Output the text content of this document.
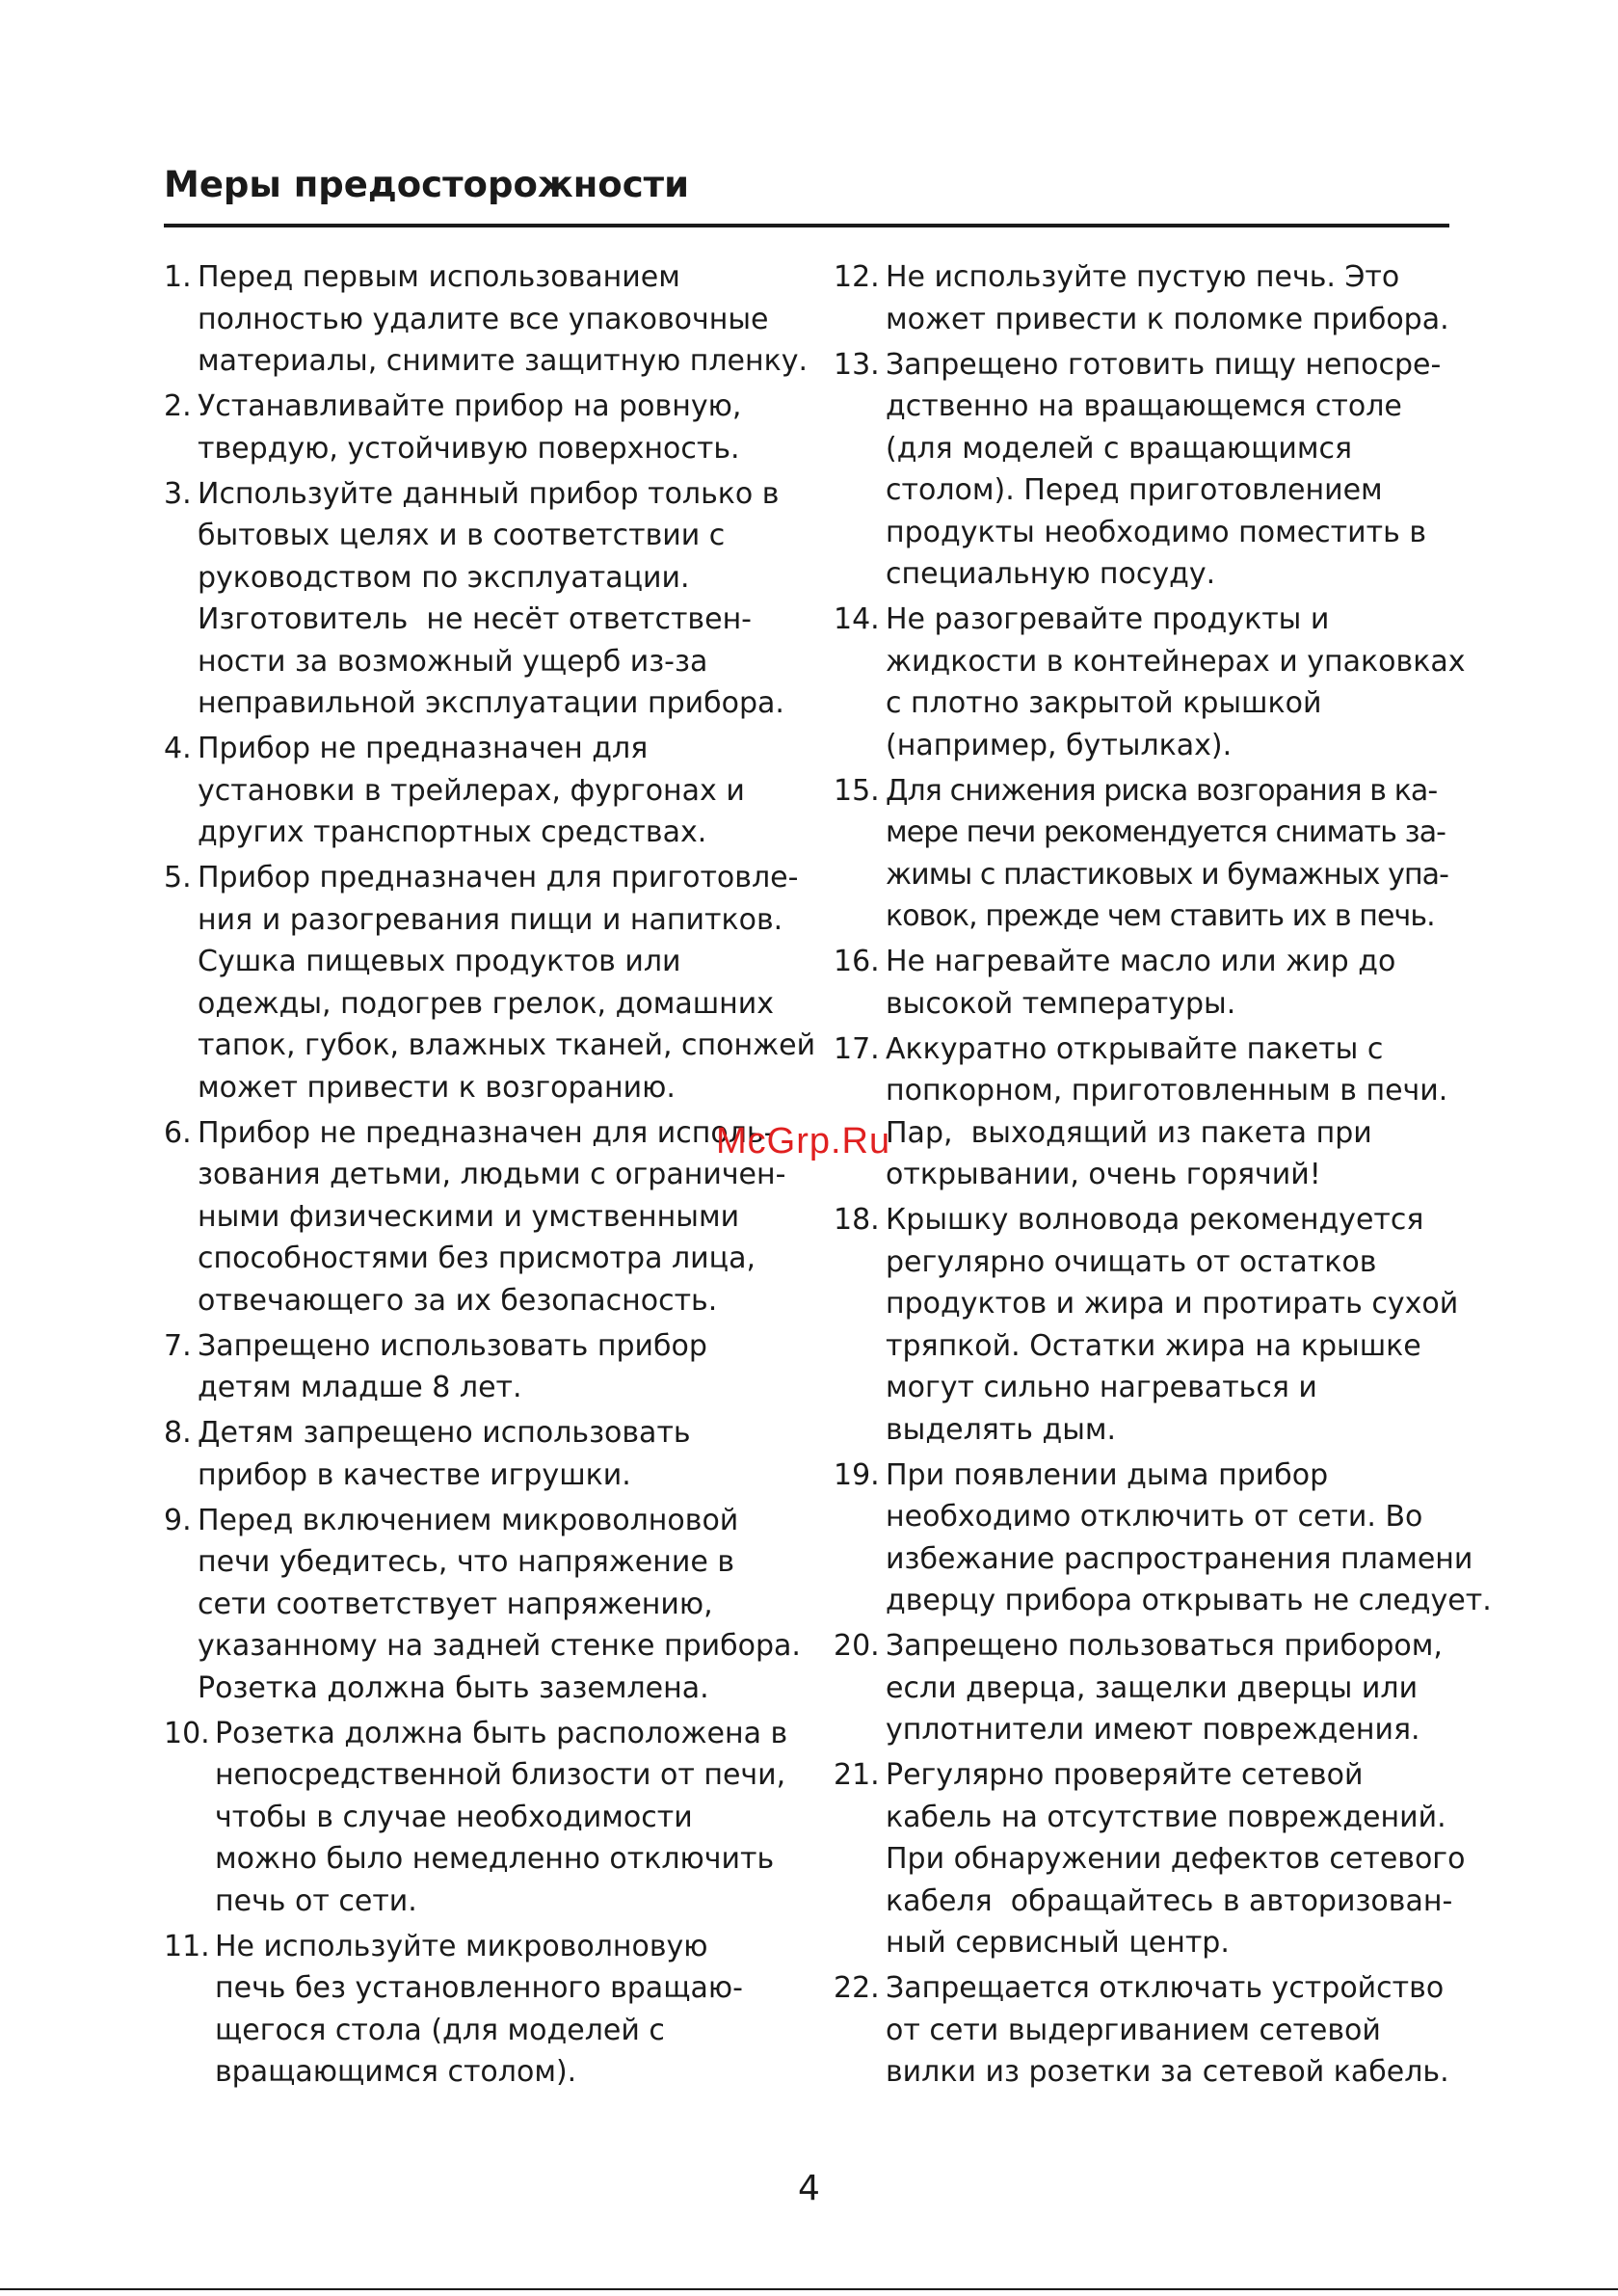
Меры предосторожности
1. Перед первым использованием
полностью удалите все упаковочные
материалы, снимите защитную пленку.
2. Устанавливайте прибор на ровную,
твердую, устойчивую поверхность.
3. Используйте данный прибор только в
бытовых целях и в соответствии с
руководством по эксплуатации.
Изготовитель  не несёт ответствен-
ности за возможный ущерб из-за
неправильной эксплуатации прибора.
4. Прибор не предназначен для
установки в трейлерах, фургонах и
других транспортных средствах.
5. Прибор предназначен для приготовле-
ния и разогревания пищи и напитков.
Сушка пищевых продуктов или
одежды, подогрев грелок, домашних
тапок, губок, влажных тканей, спонжей
может привести к возгоранию.
6. Прибор не предназначен для исполь-
зования детьми, людьми с ограничен-
ными физическими и умственными
способностями без присмотра лица,
отвечающего за их безопасность.
7. Запрещено использовать прибор
детям младше 8 лет.
8. Детям запрещено использовать
прибор в качестве игрушки.
9. Перед включением микроволновой
печи убедитесь, что напряжение в
сети соответствует напряжению,
указанному на задней стенке прибора.
Розетка должна быть заземлена.
10. Розетка должна быть расположена в
непосредственной близости от печи,
чтобы в случае необходимости
можно было немедленно отключить
печь от сети.
11. Не используйте микроволновую
печь без установленного вращаю-
щегося стола (для моделей с
вращающимся столом).
12. Не используйте пустую печь. Это
может привести к поломке прибора.
13. Запрещено готовить пищу непосре-
дственно на вращающемся столе
(для моделей с вращающимся
столом). Перед приготовлением
продукты необходимо поместить в
специальную посуду.
14. Не разогревайте продукты и
жидкости в контейнерах и упаковках
с плотно закрытой крышкой
(например, бутылках).
15. Для снижения риска возгорания в ка-
мере печи рекомендуется снимать за-
жимы с пластиковых и бумажных упа-
ковок, прежде чем ставить их в печь.
16. Не нагревайте масло или жир до
высокой температуры.
17. Аккуратно открывайте пакеты с
попкорном, приготовленным в печи.
Пар,  выходящий из пакета при
открывании, очень горячий!
18. Крышку волновода рекомендуется
регулярно очищать от остатков
продуктов и жира и протирать сухой
тряпкой. Остатки жира на крышке
могут сильно нагреваться и
выделять дым.
19. При появлении дыма прибор
необходимо отключить от сети. Во
избежание распространения пламени
дверцу прибора открывать не следует.
20. Запрещено пользоваться прибором,
если дверца, защелки дверцы или
уплотнители имеют повреждения.
21. Регулярно проверяйте сетевой
кабель на отсутствие повреждений.
При обнаружении дефектов сетевого
кабеля  обращайтесь в авторизован-
ный сервисный центр.
22. Запрещается отключать устройство
от сети выдергиванием сетевой
вилки из розетки за сетевой кабель.
McGrp.Ru
4
